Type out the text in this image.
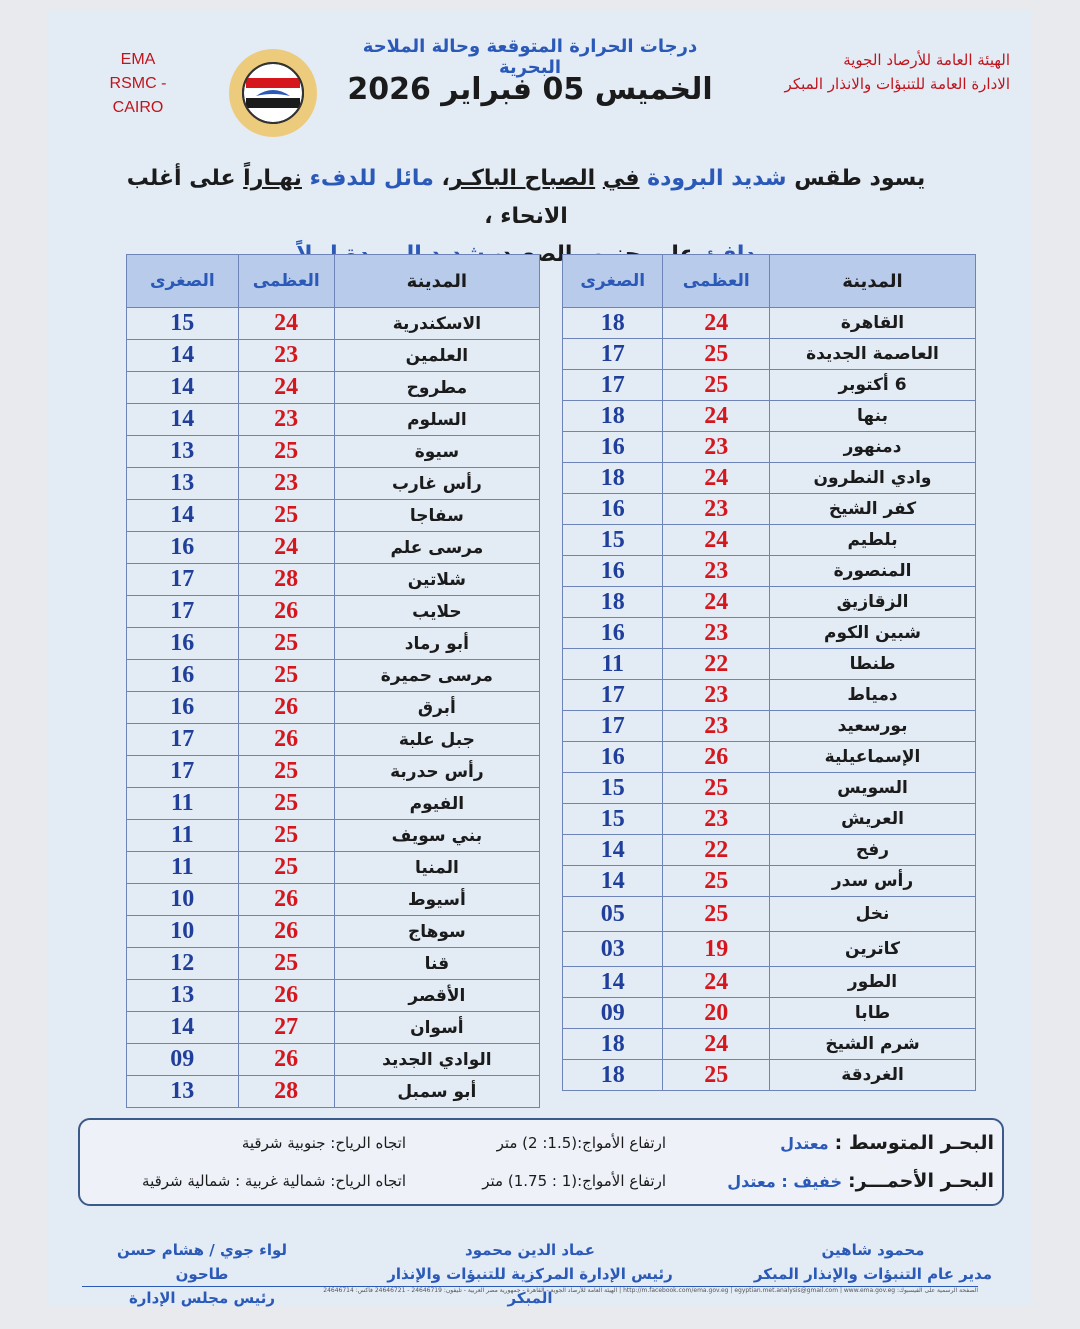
EMA
RSMC - CAIRO
درجات الحرارة المتوقعة وحالة الملاحة البحرية
الخميس 05 فبراير 2026
الهيئة العامة للأرصاد الجوية
الادارة العامة للتنبؤات والانذار المبكر
يسود طقس شديد البرودة في الصباح الباكـر، مائل للدفء نهـاراً على أغلب الانحاء ،

المدينة	العظمى	الصغرى
القاهرة	24	18
العاصمة الجديدة	25	17
6 أكتوبر	25	17
بنها	24	18
دمنهور	23	16
وادي النطرون	24	18
كفر الشيخ	23	16
بلطيم	24	15
المنصورة	23	16
الزقازيق	24	18
شبين الكوم	23	16
طنطا	22	11
دمياط	23	17
بورسعيد	23	17
الإسماعيلية	26	16
السويس	25	15
العريش	23	15
رفح	22	14
رأس سدر	25	14
نخل	25	05
كاترين	19	03
الطور	24	14
طابا	20	09
شرم الشيخ	24	18
الغردقة	25	18
المدينة	العظمى	الصغرى
الاسكندرية	24	15
العلمين	23	14
مطروح	24	14
السلوم	23	14
سيوة	25	13
رأس غارب	23	13
سفاجا	25	14
مرسى علم	24	16
شلاتين	28	17
حلايب	26	17
أبو رماد	25	16
مرسى حميرة	25	16
أبرق	26	16
جبل علبة	26	17
رأس حدربة	25	17
الفيوم	25	11
بني سويف	25	11
المنيا	25	11
أسيوط	26	10
سوهاج	26	10
قنا	25	12
الأقصر	26	13
أسوان	27	14
الوادي الجديد	26	09
أبو سمبل	28	13
البحـر المتوسط :معتدل
ارتفاع الأمواج:(1.5: 2) متر
اتجاه الرياح: جنوبية شرقية
البحـر الأحمـــر:خفيف : معتدل
ارتفاع الأمواج:(1 : 1.75) متر
اتجاه الرياح: شمالية غربية : شمالية شرقية
محمود شاهين
مدير عام التنبؤات والإنذار المبكر
عماد الدين محمود
رئيس الإدارة المركزية للتنبؤات والإنذار المبكر
لواء جوي / هشام حسن طاحون
رئيس مجلس الإدارة	الصفحة الرسمية على الفيسبوك: http://m.facebook.com/ema.gov.eg | egyptian.met.analysis@gmail.com | www.ema.gov.eg | الهيئة العامة للأرصاد الجوية - القاهرة - جمهورية مصر العربية - تليفون: 24646719 - 24646721 فاكس: 24646714
